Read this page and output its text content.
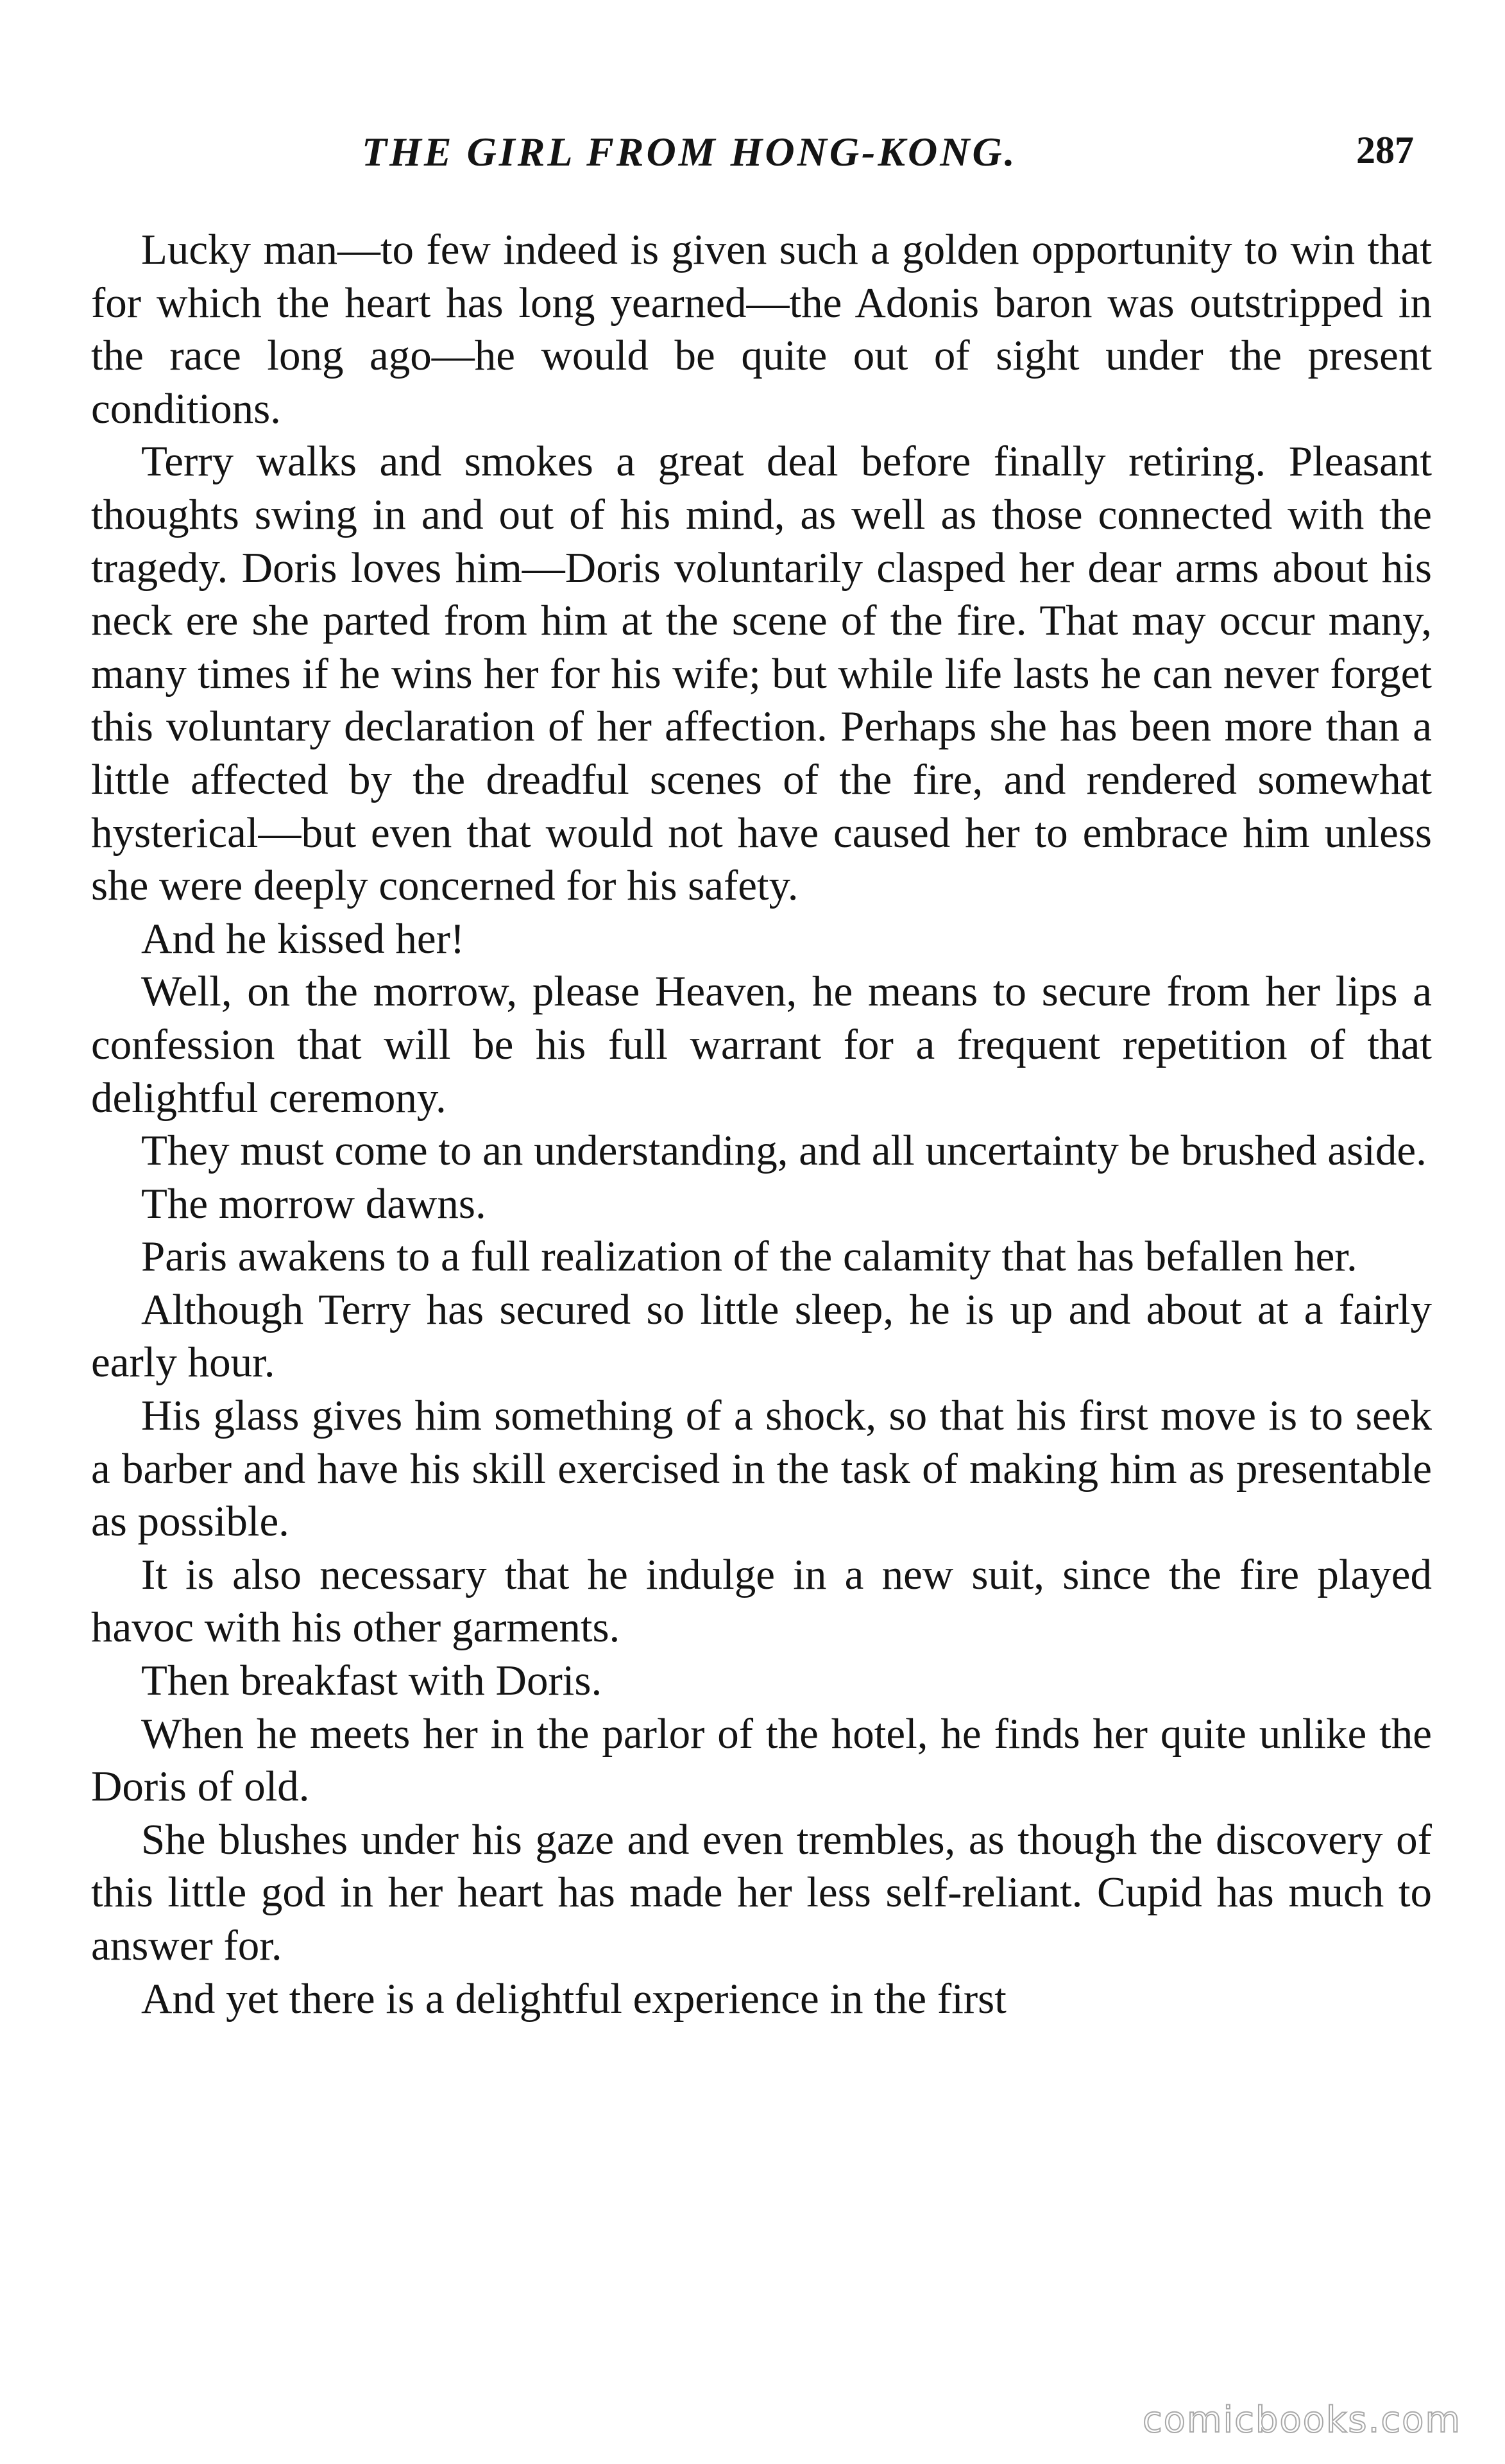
THE GIRL FROM HONG-KONG.	287

Lucky man—to few indeed is given such a golden opportunity to win that for which the heart has long yearned—the Adonis baron was outstripped in the race long ago—he would be quite out of sight under the present conditions.

Terry walks and smokes a great deal before finally retiring. Pleasant thoughts swing in and out of his mind, as well as those connected with the tragedy. Doris loves him—Doris voluntarily clasped her dear arms about his neck ere she parted from him at the scene of the fire. That may occur many, many times if he wins her for his wife; but while life lasts he can never forget this voluntary declaration of her affection. Perhaps she has been more than a little affected by the dreadful scenes of the fire, and rendered somewhat hysterical—but even that would not have caused her to embrace him unless she were deeply concerned for his safety.

And he kissed her!

Well, on the morrow, please Heaven, he means to secure from her lips a confession that will be his full warrant for a frequent repetition of that delightful ceremony.

They must come to an understanding, and all uncertainty be brushed aside.

The morrow dawns.

Paris awakens to a full realization of the calamity that has befallen her.

Although Terry has secured so little sleep, he is up and about at a fairly early hour.

His glass gives him something of a shock, so that his first move is to seek a barber and have his skill exercised in the task of making him as presentable as possible.

It is also necessary that he indulge in a new suit, since the fire played havoc with his other garments.

Then breakfast with Doris.

When he meets her in the parlor of the hotel, he finds her quite unlike the Doris of old.

She blushes under his gaze and even trembles, as though the discovery of this little god in her heart has made her less self-reliant. Cupid has much to answer for.

And yet there is a delightful experience in the first

comicbooks.com
